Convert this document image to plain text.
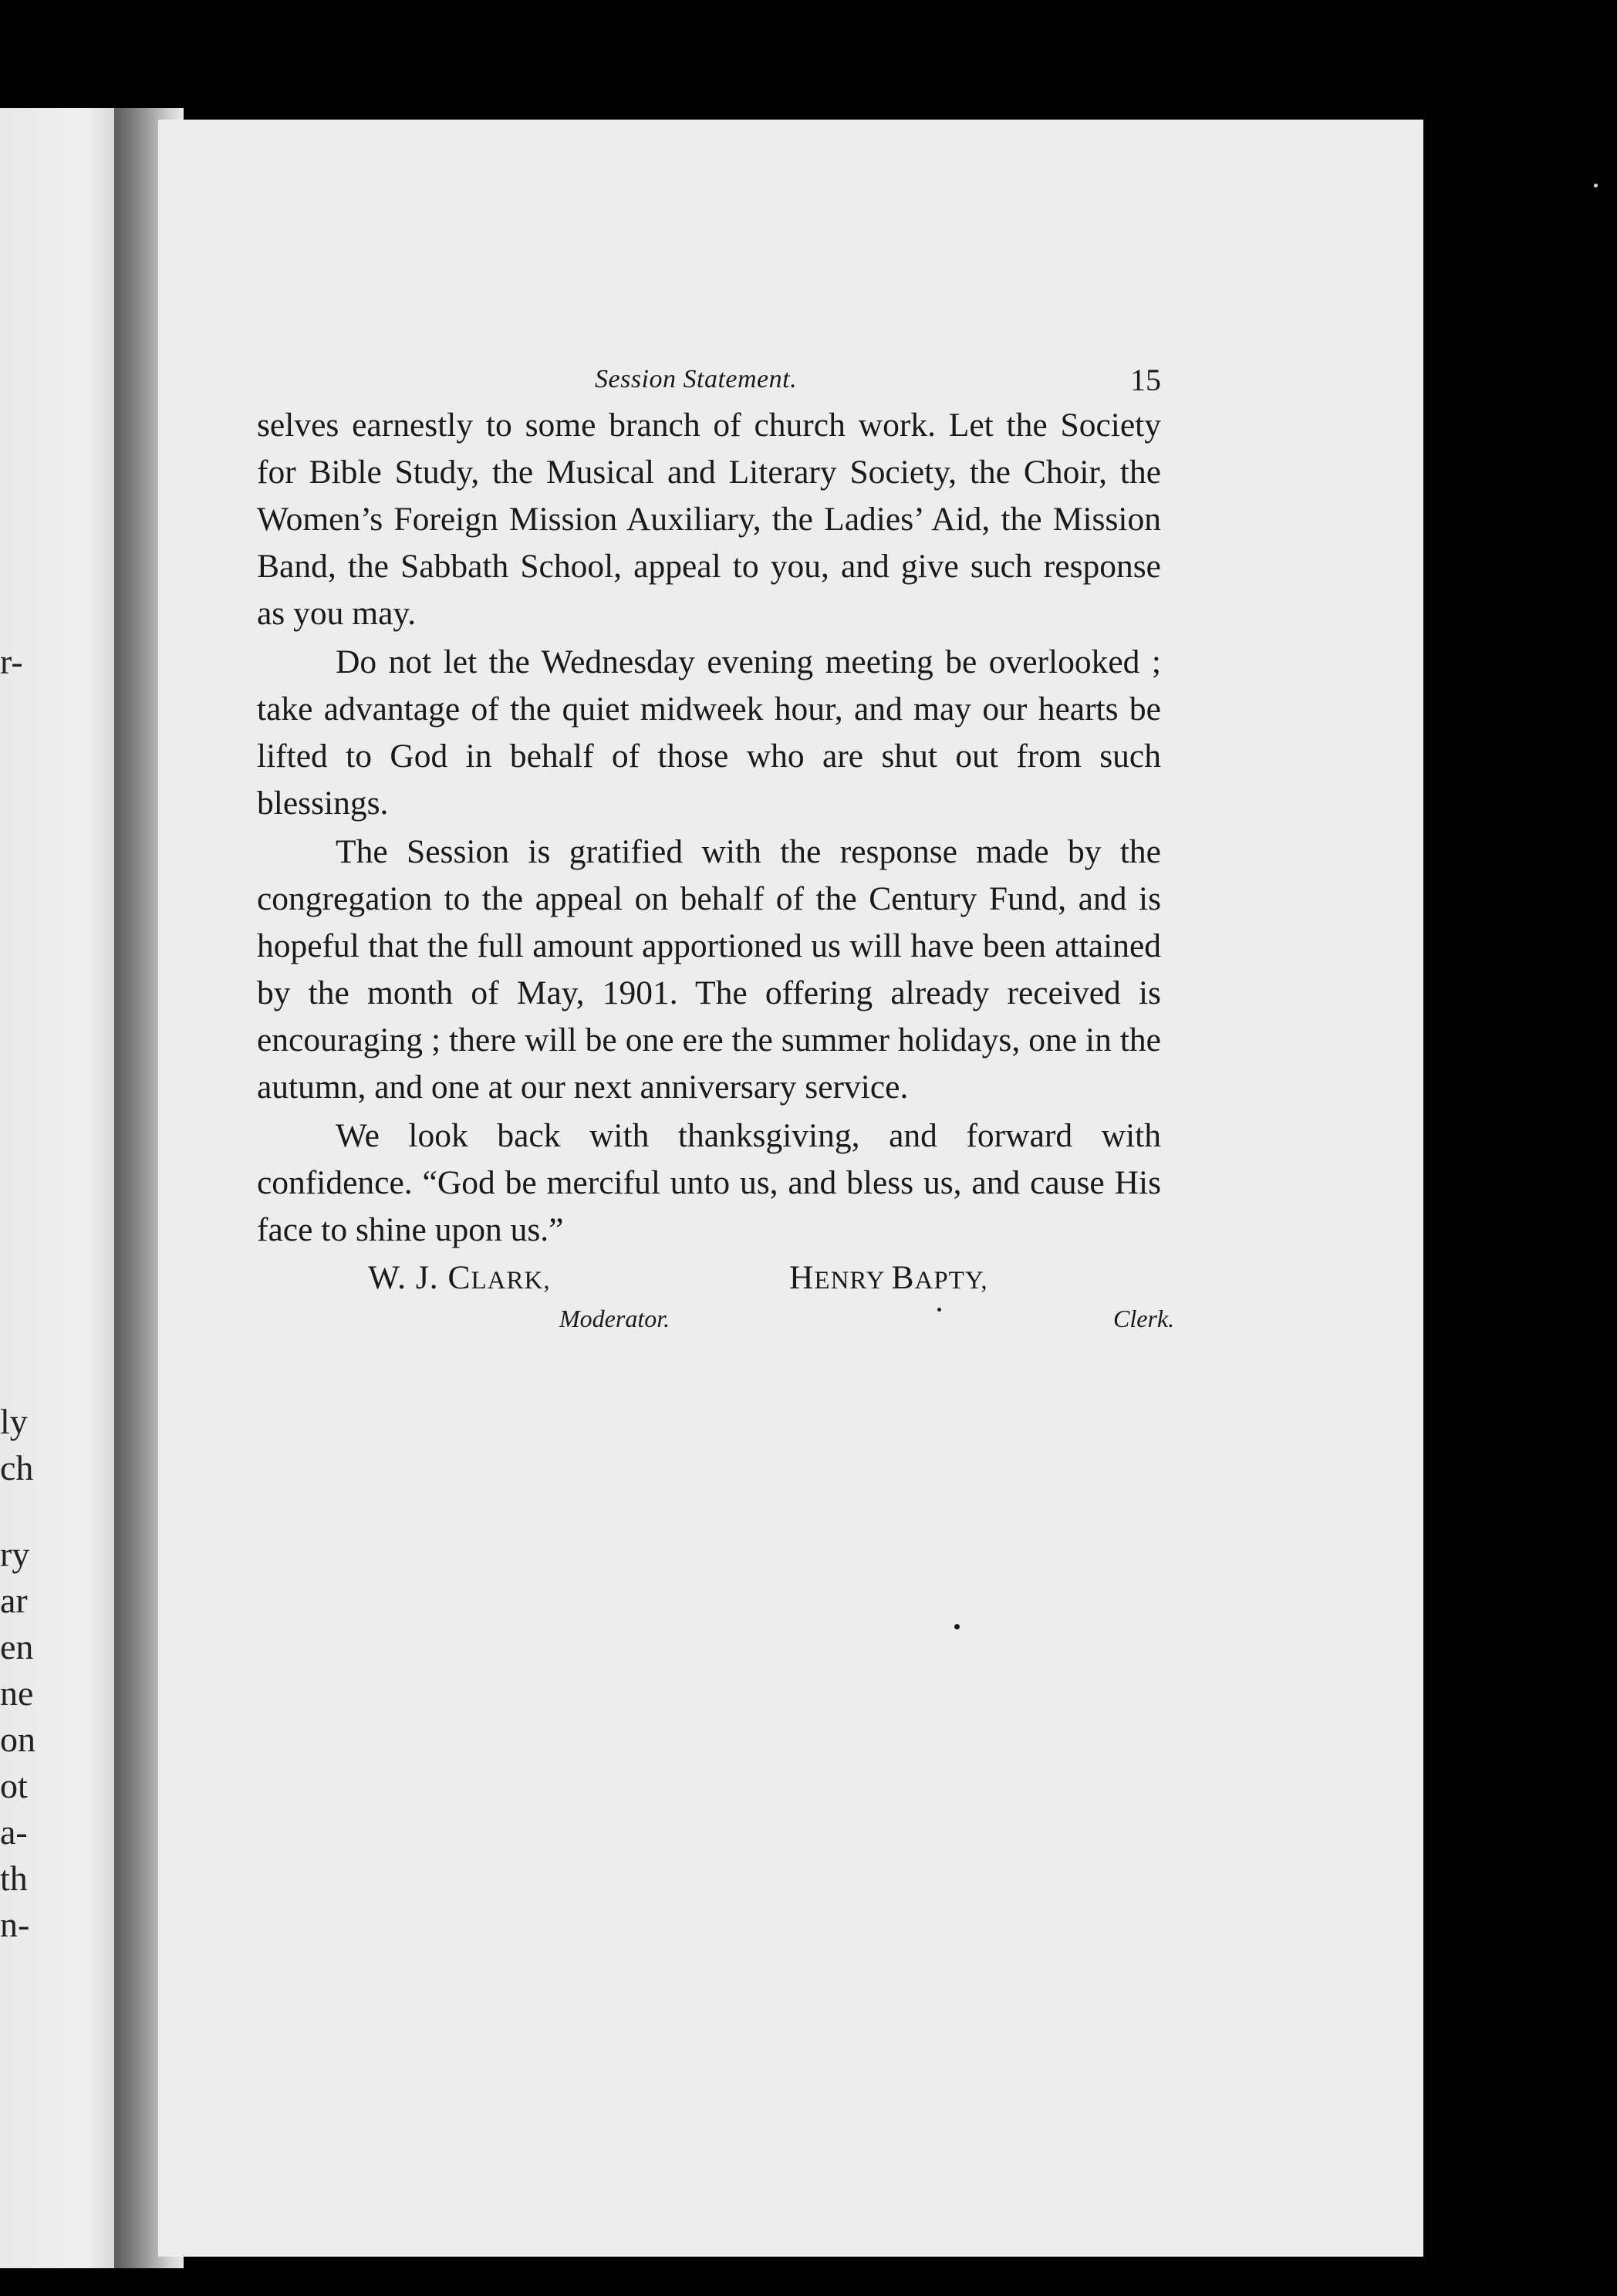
r-
ly
ch
ry
ar
en
ne
on
ot
a-
th
n-
Session Statement.	15

selves earnestly to some branch of church work. Let the Society for Bible Study, the Musical and Literary Society, the Choir, the Women’s Foreign Mission Auxiliary, the Ladies’ Aid, the Mission Band, the Sabbath School, appeal to you, and give such response as you may.

Do not let the Wednesday evening meeting be overlooked ; take advantage of the quiet midweek hour, and may our hearts be lifted to God in behalf of those who are shut out from such blessings.

The Session is gratified with the response made by the congregation to the appeal on behalf of the Century Fund, and is hopeful that the full amount apportioned us will have been attained by the month of May, 1901. The offering already received is encouraging ; there will be one ere the summer holidays, one in the autumn, and one at our next anniversary service.

We look back with thanksgiving, and forward with confidence. “God be merciful unto us, and bless us, and cause His face to shine upon us.”

W. J. CLARK,
Moderator.
HENRY BAPTY,
Clerk.
